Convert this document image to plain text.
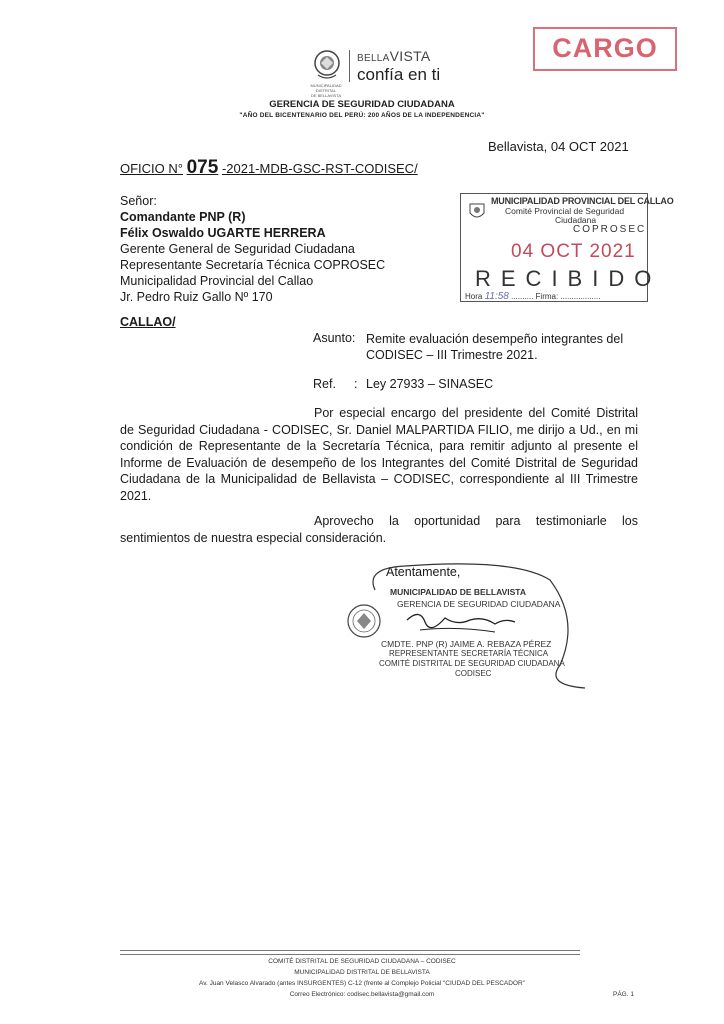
MUNICIPALIDAD DISTRITAL
DE BELLAVISTA
BELLAVISTA
confía en ti
CARGO
GERENCIA DE SEGURIDAD CIUDADANA
"AÑO DEL BICENTENARIO DEL PERÚ: 200 AÑOS DE LA INDEPENDENCIA"
Bellavista, 04 OCT 2021
OFICIO N° 075 -2021-MDB-GSC-RST-CODISEC/
Señor:
Comandante PNP (R)
Félix Oswaldo UGARTE HERRERA
Gerente General de Seguridad Ciudadana
Representante Secretaría Técnica COPROSEC
Municipalidad Provincial del Callao
Jr. Pedro Ruiz Gallo Nº 170
CALLAO/
MUNICIPALIDAD PROVINCIAL DEL CALLAO
Comité Provincial de Seguridad
Ciudadana
COPROSEC
04 OCT 2021
RECIBIDO
Hora 11:58 .......... Firma: ..................
Asunto: Remite evaluación desempeño integrantes del CODISEC – III Trimestre 2021.
Ref. : Ley 27933 – SINASEC
Por especial encargo del presidente del Comité Distrital de Seguridad Ciudadana - CODISEC, Sr. Daniel MALPARTIDA FILIO, me dirijo a Ud., en mi condición de Representante de la Secretaría Técnica, para remitir adjunto al presente el Informe de Evaluación de desempeño de los Integrantes del Comité Distrital de Seguridad Ciudadana de la Municipalidad de Bellavista – CODISEC, correspondiente al III Trimestre 2021.
Aprovecho la oportunidad para testimoniarle los sentimientos de nuestra especial consideración.
Atentamente,
MUNICIPALIDAD DE BELLAVISTA
GERENCIA DE SEGURIDAD CIUDADANA
CMDTE. PNP (R) JAIME A. REBAZA PÉREZ
REPRESENTANTE SECRETARÍA TÉCNICA
COMITÉ DISTRITAL DE SEGURIDAD CIUDADANA
CODISEC
COMITÉ DISTRITAL DE SEGURIDAD CIUDADANA – CODISEC
MUNICIPALIDAD DISTRITAL DE BELLAVISTA
Av. Juan Velasco Alvarado (antes INSURGENTES) C-12 (frente al Complejo Policial "CIUDAD DEL PESCADOR"
Correo Electrónico: codisec.bellavista@gmail.com	PÁG. 1
